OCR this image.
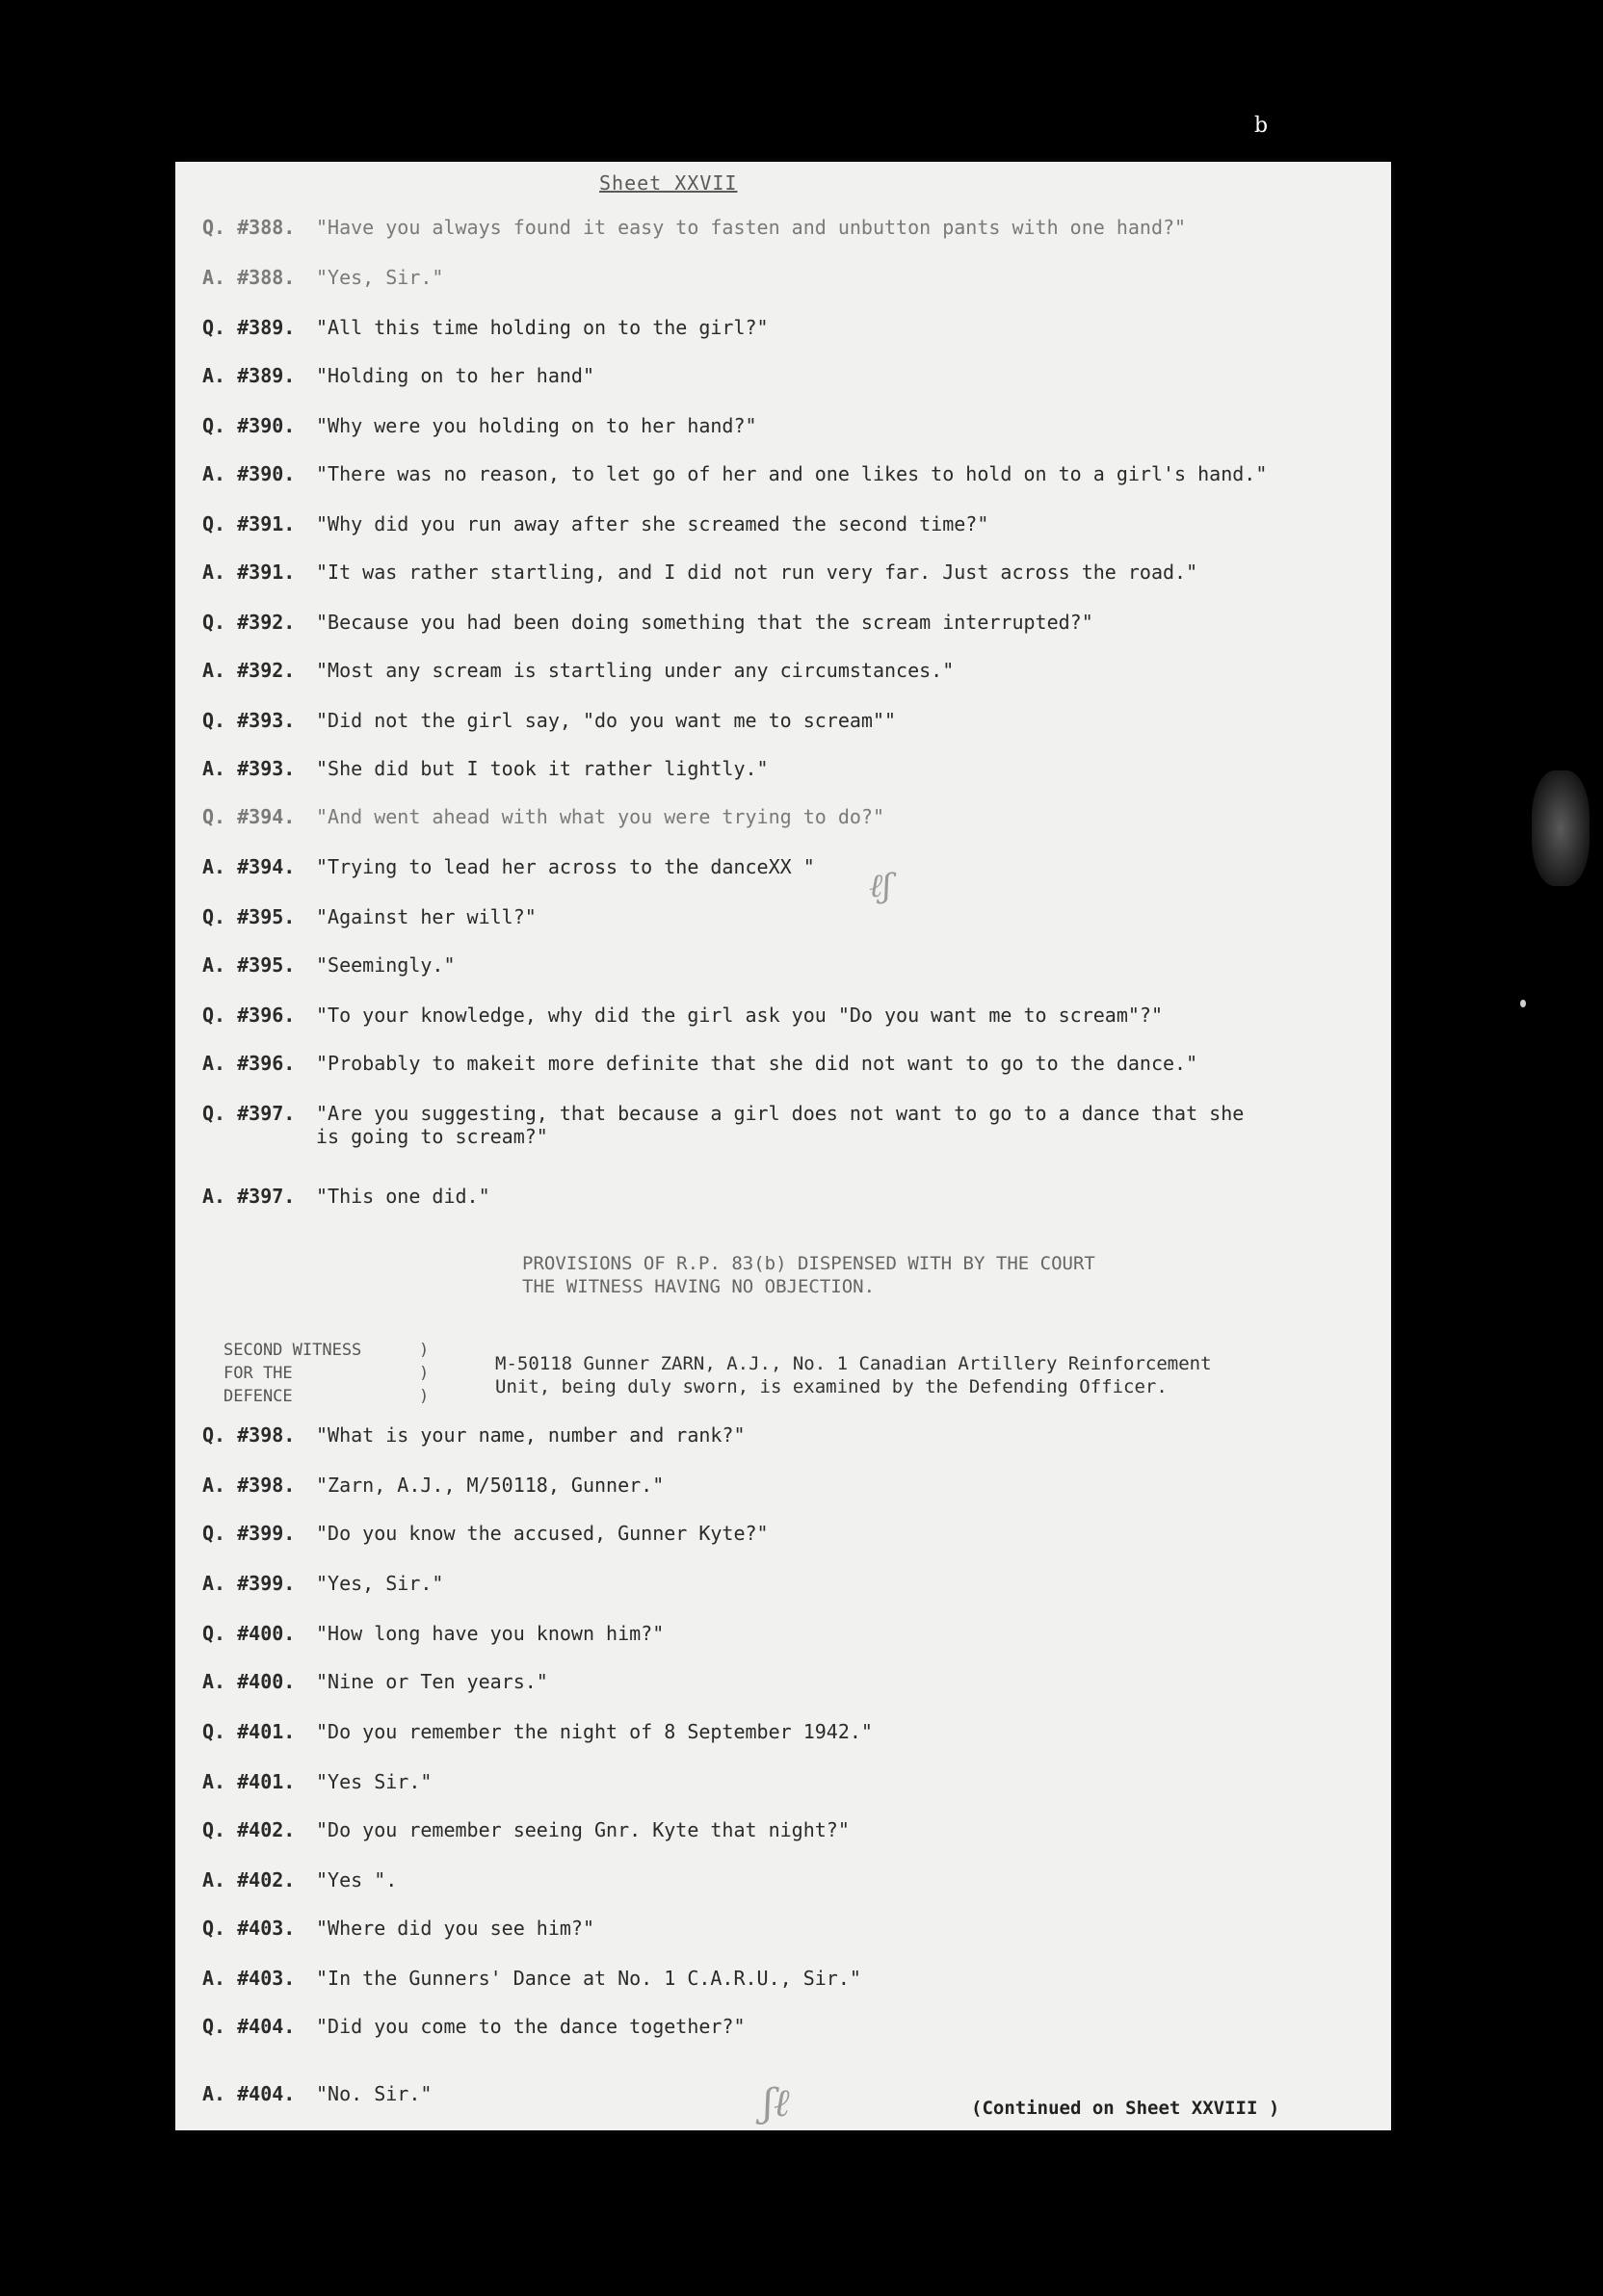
b
Sheet XXVII
Q. #388. "Have you always found it easy to fasten and unbutton pants with one hand?"
A. #388. "Yes, Sir."
Q. #389. "All this time holding on to the girl?"
A. #389. "Holding on to her hand"
Q. #390. "Why were you holding on to her hand?"
A. #390. "There was no reason, to let go of her and one likes to hold on to a girl's hand."
Q. #391. "Why did you run away after she screamed the second time?"
A. #391. "It was rather startling, and I did not run very far. Just across the road."
Q. #392. "Because you had been doing something that the scream interrupted?"
A. #392. "Most any scream is startling under any circumstances."
Q. #393. "Did not the girl say, "do you want me to scream""
A. #393. "She did but I took it rather lightly."
Q. #394. "And went ahead with what you were trying to do?"
A. #394. "Trying to lead her across to the danceXX "
Q. #395. "Against her will?"
A. #395. "Seemingly."
Q. #396. "To your knowledge, why did the girl ask you "Do you want me to scream"?"
A. #396. "Probably to makeit more definite that she did not want to go to the dance."
Q. #397. "Are you suggesting, that because a girl does not want to go to a dance that she
is going to scream?"
A. #397. "This one did."
Q. #398. "What is your name, number and rank?"
A. #398. "Zarn, A.J., M/50118, Gunner."
Q. #399. "Do you know the accused, Gunner Kyte?"
A. #399. "Yes, Sir."
Q. #400. "How long have you known him?"
A. #400. "Nine or Ten years."
Q. #401. "Do you remember the night of 8 September 1942."
A. #401. "Yes Sir."
Q. #402. "Do you remember seeing Gnr. Kyte that night?"
A. #402. "Yes ".
Q. #403. "Where did you see him?"
A. #403. "In the Gunners' Dance at No. 1 C.A.R.U., Sir."
Q. #404. "Did you come to the dance together?"
A. #404. "No. Sir."
PROVISIONS OF R.P. 83(b) DISPENSED WITH BY THE COURT
THE WITNESS HAVING NO OBJECTION.
SECOND WITNESS
FOR THE
DEFENCE
)
)
)
M-50118 Gunner ZARN, A.J., No. 1 Canadian Artillery Reinforcement
Unit, being duly sworn, is examined by the Defending Officer.
(Continued on Sheet XXVIII )
ℓʃ
ʃℓ
